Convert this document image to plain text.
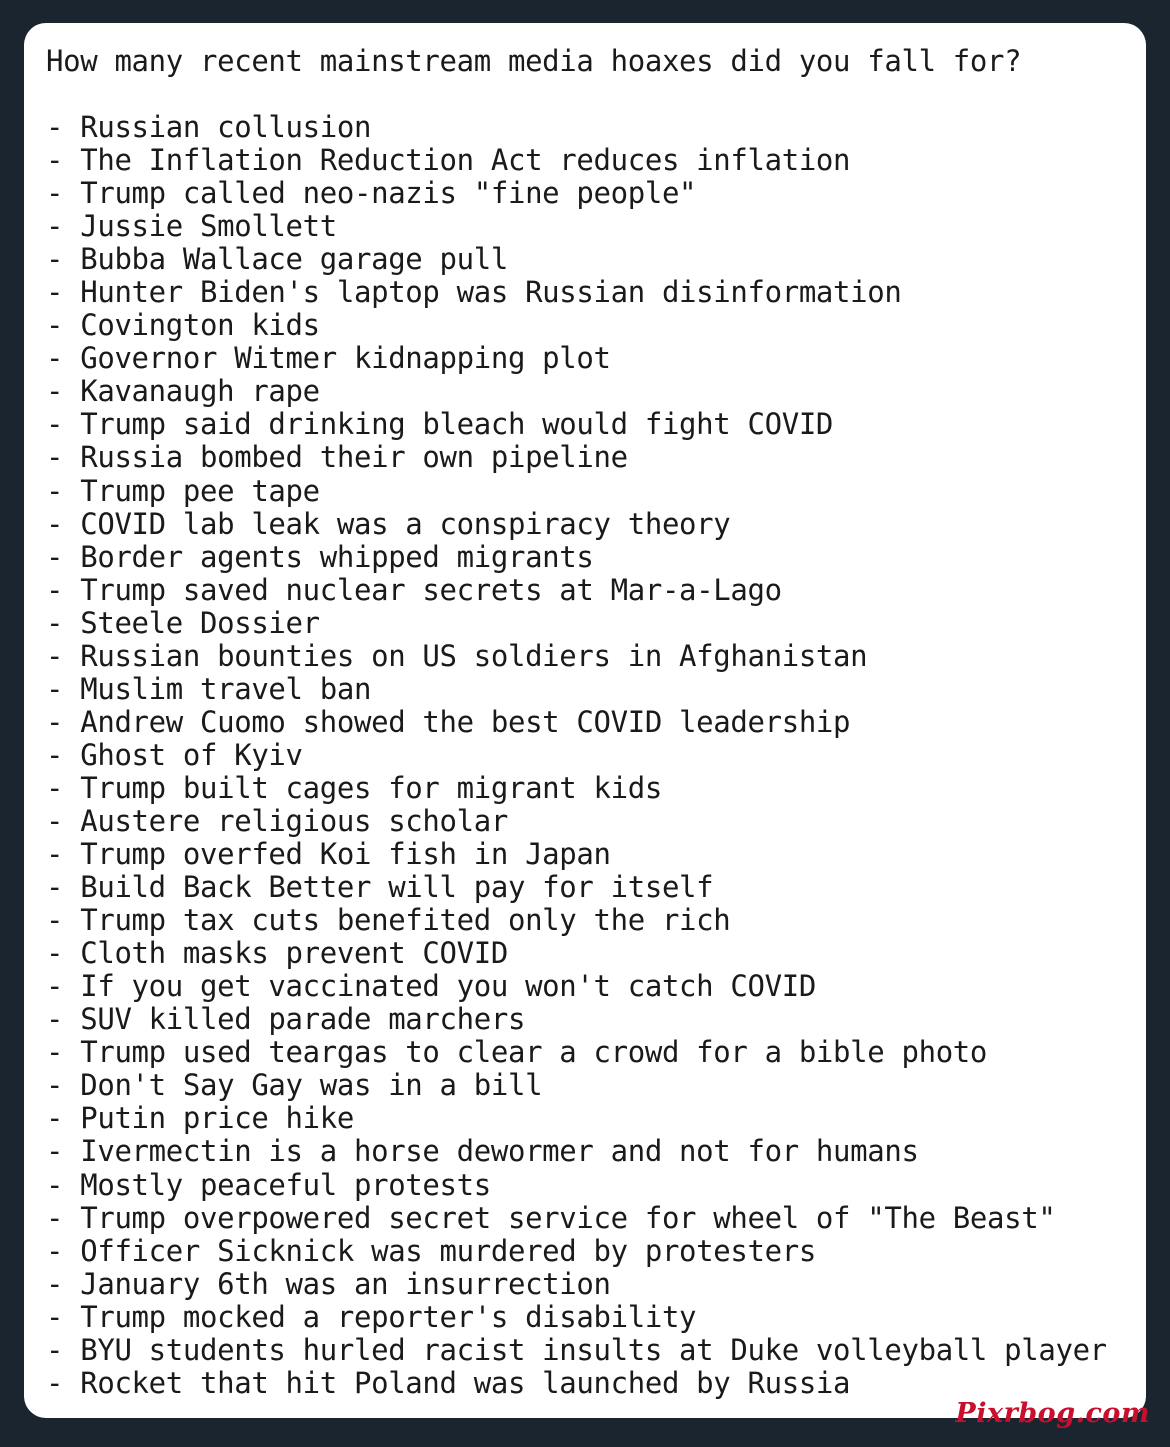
How many recent mainstream media hoaxes did you fall for?
- Russian collusion
- The Inflation Reduction Act reduces inflation
- Trump called neo-nazis "fine people"
- Jussie Smollett
- Bubba Wallace garage pull
- Hunter Biden's laptop was Russian disinformation
- Covington kids
- Governor Witmer kidnapping plot
- Kavanaugh rape
- Trump said drinking bleach would fight COVID
- Russia bombed their own pipeline
- Trump pee tape
- COVID lab leak was a conspiracy theory
- Border agents whipped migrants
- Trump saved nuclear secrets at Mar-a-Lago
- Steele Dossier
- Russian bounties on US soldiers in Afghanistan
- Muslim travel ban
- Andrew Cuomo showed the best COVID leadership
- Ghost of Kyiv
- Trump built cages for migrant kids
- Austere religious scholar
- Trump overfed Koi fish in Japan
- Build Back Better will pay for itself
- Trump tax cuts benefited only the rich
- Cloth masks prevent COVID
- If you get vaccinated you won't catch COVID
- SUV killed parade marchers
- Trump used teargas to clear a crowd for a bible photo
- Don't Say Gay was in a bill
- Putin price hike
- Ivermectin is a horse dewormer and not for humans
- Mostly peaceful protests
- Trump overpowered secret service for wheel of "The Beast"
- Officer Sicknick was murdered by protesters
- January 6th was an insurrection
- Trump mocked a reporter's disability
- BYU students hurled racist insults at Duke volleyball player
- Rocket that hit Poland was launched by Russia
Pixrbog.com
